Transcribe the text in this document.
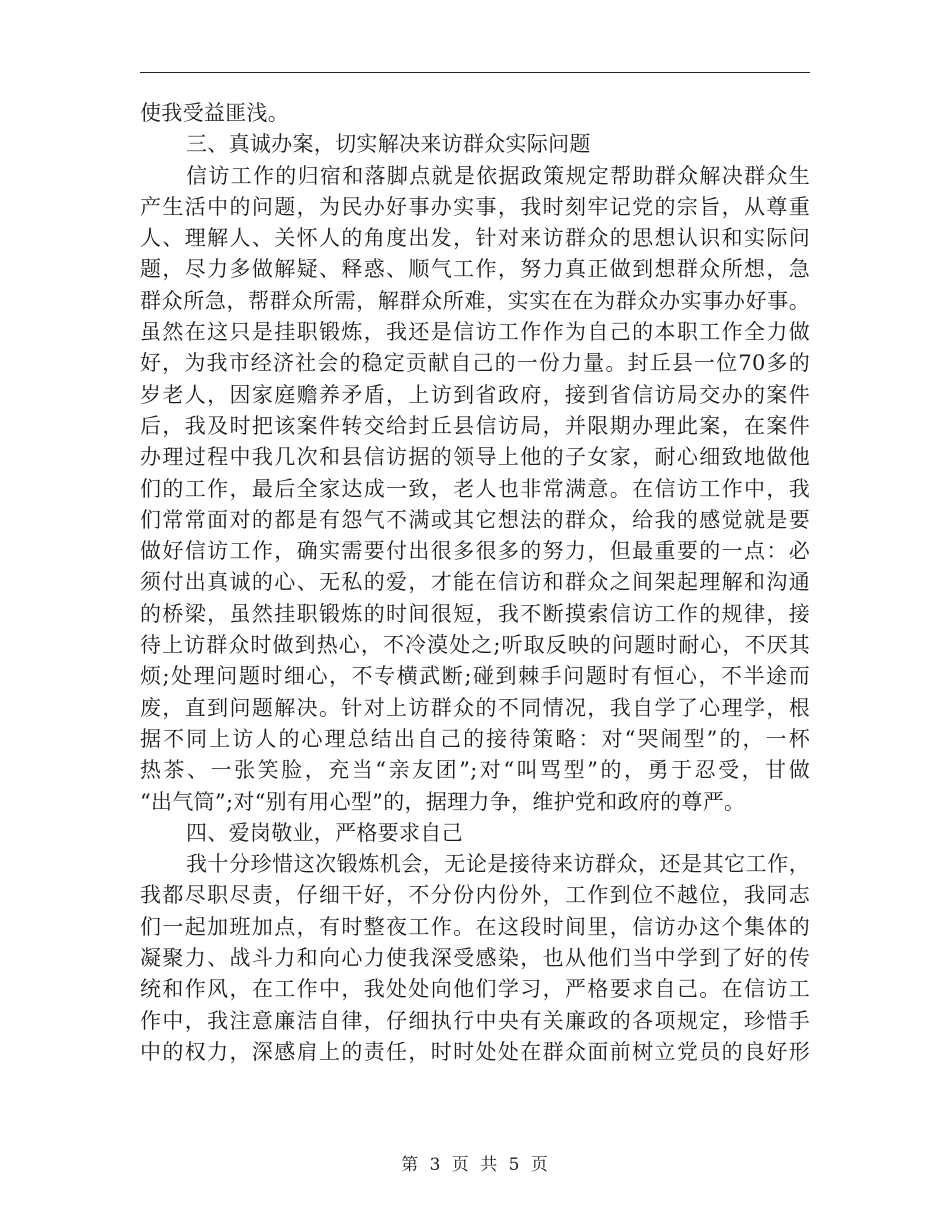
使我受益匪浅。
三、真诚办案，切实解决来访群众实际问题
信访工作的归宿和落脚点就是依据政策规定帮助群众解决群众生
产生活中的问题，为民办好事办实事，我时刻牢记党的宗旨，从尊重
人、理解人、关怀人的角度出发，针对来访群众的思想认识和实际问
题，尽力多做解疑、释惑、顺气工作，努力真正做到想群众所想，急
群众所急，帮群众所需，解群众所难，实实在在为群众办实事办好事。
虽然在这只是挂职锻炼，我还是信访工作作为自己的本职工作全力做
好，为我市经济社会的稳定贡献自己的一份力量。封丘县一位70多的
岁老人，因家庭赡养矛盾，上访到省政府，接到省信访局交办的案件
后，我及时把该案件转交给封丘县信访局，并限期办理此案，在案件
办理过程中我几次和县信访据的领导上他的子女家，耐心细致地做他
们的工作，最后全家达成一致，老人也非常满意。在信访工作中，我
们常常面对的都是有怨气不满或其它想法的群众，给我的感觉就是要
做好信访工作，确实需要付出很多很多的努力，但最重要的一点：必
须付出真诚的心、无私的爱，才能在信访和群众之间架起理解和沟通
的桥梁，虽然挂职锻炼的时间很短，我不断摸索信访工作的规律，接
待上访群众时做到热心，不冷漠处之;听取反映的问题时耐心，不厌其
烦;处理问题时细心，不专横武断;碰到棘手问题时有恒心，不半途而
废，直到问题解决。针对上访群众的不同情况，我自学了心理学，根
据不同上访人的心理总结出自己的接待策略：对“哭闹型”的，一杯
热茶、一张笑脸，充当“亲友团”;对“叫骂型”的，勇于忍受，甘做
“出气筒”;对“别有用心型”的，据理力争，维护党和政府的尊严。
四、爱岗敬业，严格要求自己
我十分珍惜这次锻炼机会，无论是接待来访群众，还是其它工作，
我都尽职尽责，仔细干好，不分份内份外，工作到位不越位，我同志
们一起加班加点，有时整夜工作。在这段时间里，信访办这个集体的
凝聚力、战斗力和向心力使我深受感染，也从他们当中学到了好的传
统和作风，在工作中，我处处向他们学习，严格要求自己。在信访工
作中，我注意廉洁自律，仔细执行中央有关廉政的各项规定，珍惜手
中的权力，深感肩上的责任，时时处处在群众面前树立党员的良好形
第 3 页 共 5 页
